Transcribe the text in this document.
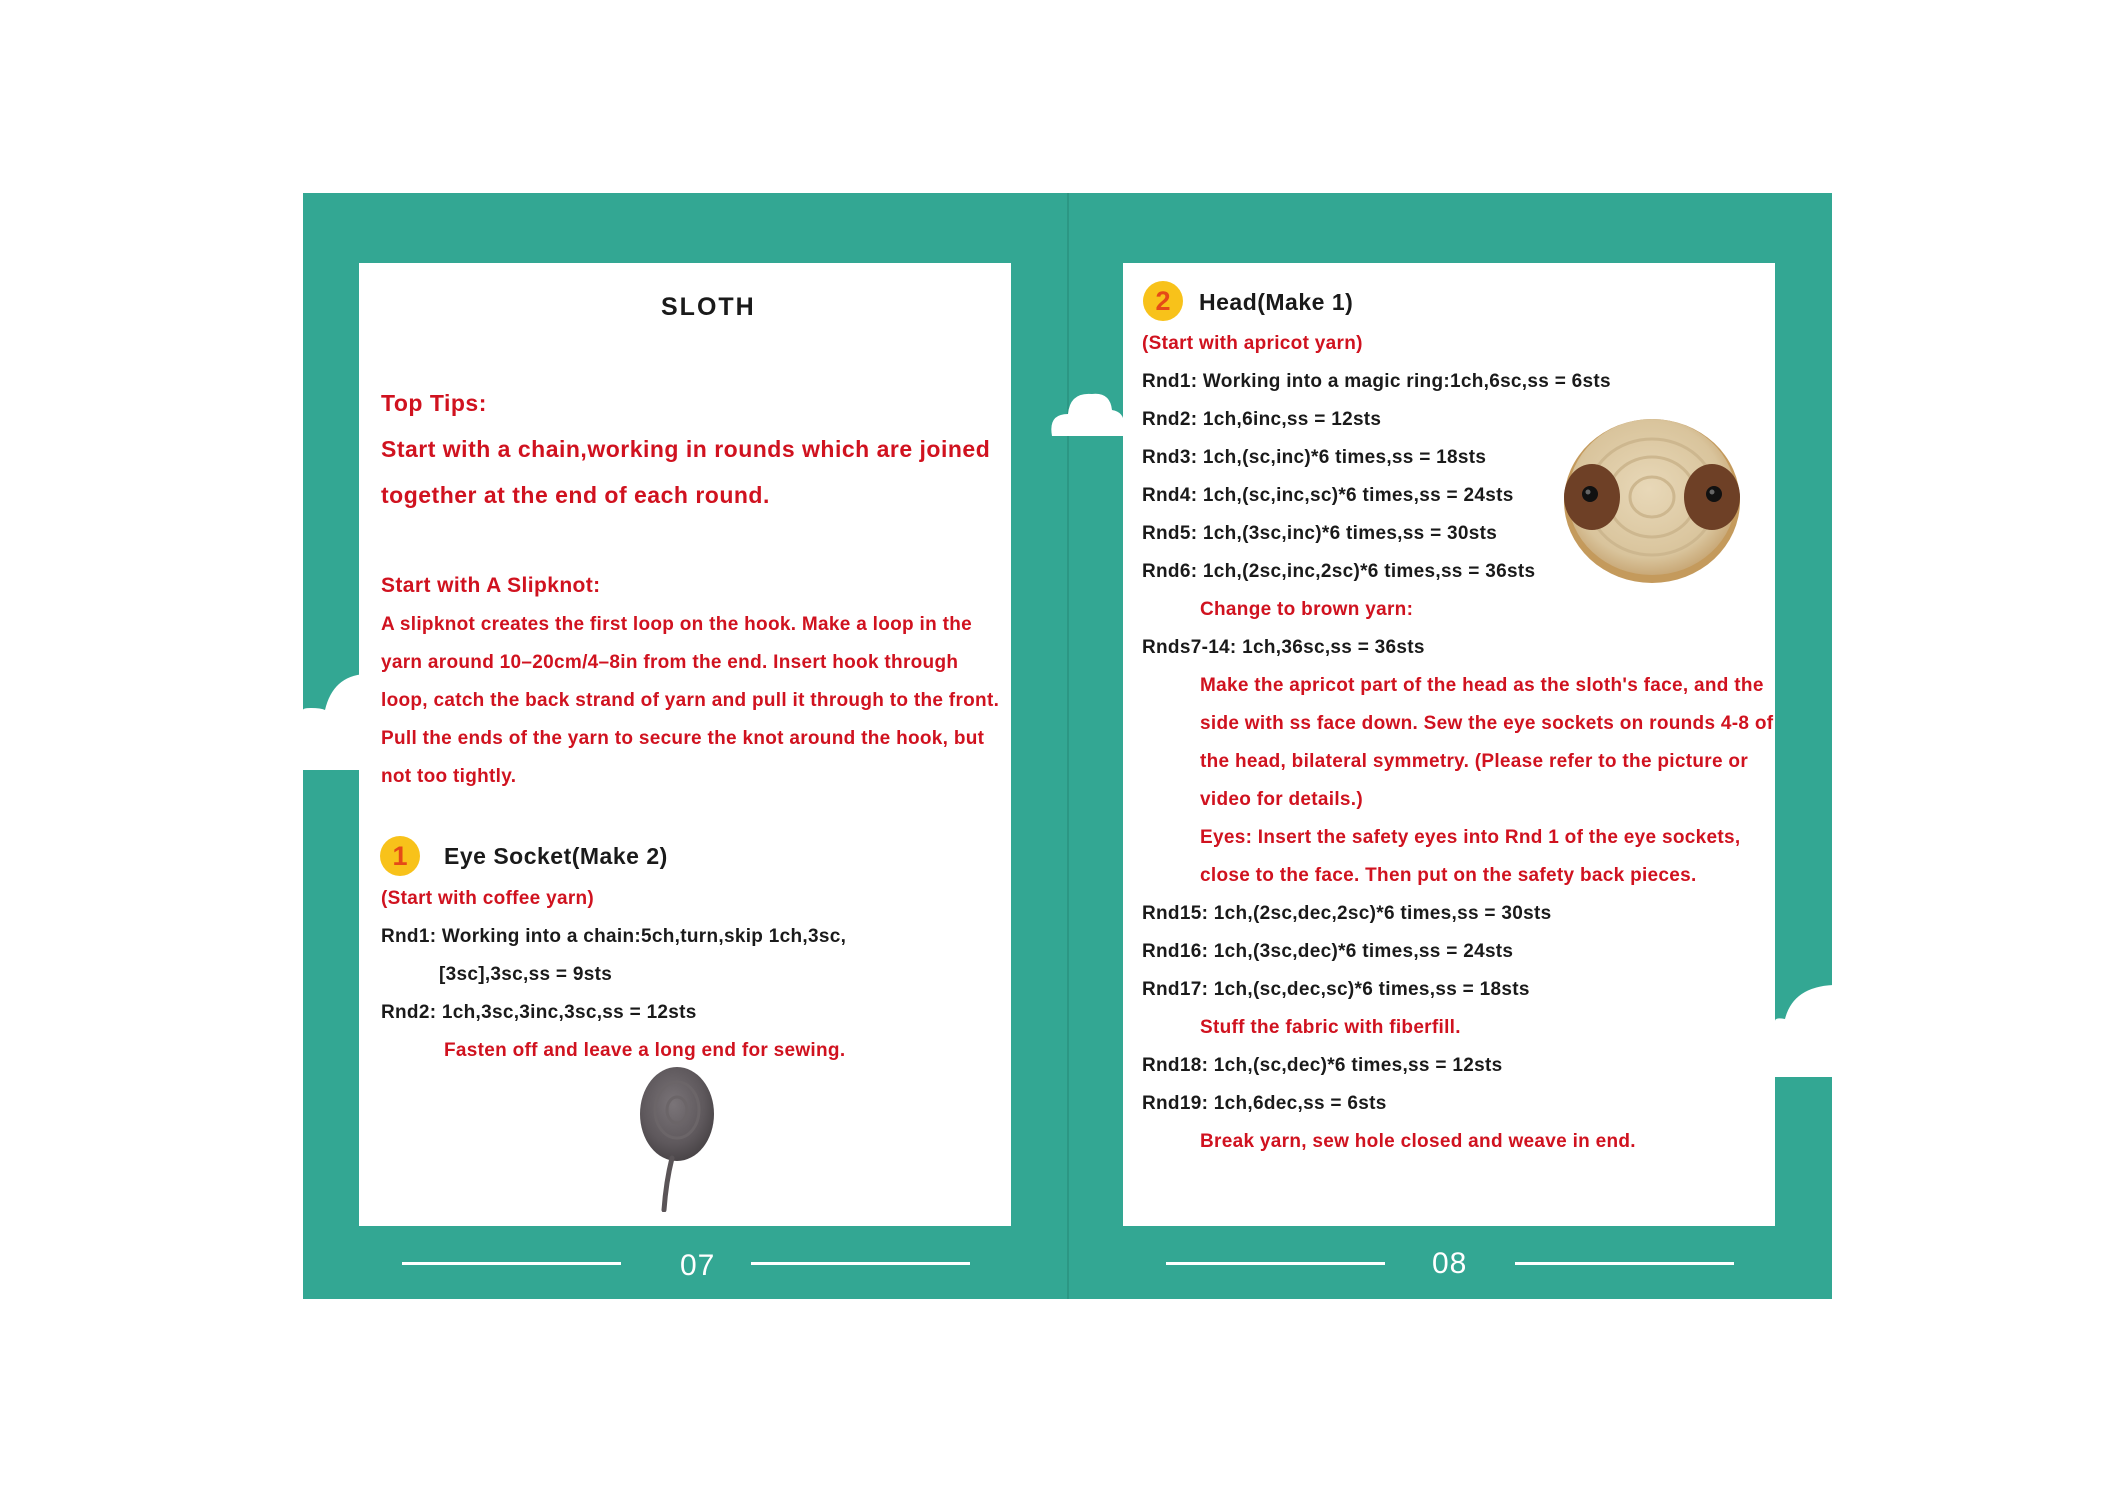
SLOTH
Top Tips:
Start with a chain,working in rounds which are joined
together at the end of each round.
Start with A Slipknot:
A slipknot creates the first loop on the hook. Make a loop in the
yarn around 10–20cm/4–8in from the end. Insert hook through
loop, catch the back strand of yarn and pull it through to the front.
Pull the ends of the yarn to secure the knot around the hook, but
not too tightly.
1	Eye Socket(Make 2)
(Start with coffee yarn)
Rnd1: Working into a chain:5ch,turn,skip 1ch,3sc,
[3sc],3sc,ss = 9sts
Rnd2: 1ch,3sc,3inc,3sc,ss = 12sts
Fasten off and leave a long end for sewing.
07
2	Head(Make 1)
(Start with apricot yarn)
Rnd1: Working into a magic ring:1ch,6sc,ss = 6sts
Rnd2: 1ch,6inc,ss = 12sts
Rnd3: 1ch,(sc,inc)*6 times,ss = 18sts
Rnd4: 1ch,(sc,inc,sc)*6 times,ss = 24sts
Rnd5: 1ch,(3sc,inc)*6 times,ss = 30sts
Rnd6: 1ch,(2sc,inc,2sc)*6 times,ss = 36sts
Change to brown yarn:
Rnds7-14: 1ch,36sc,ss = 36sts
Make the apricot part of the head as the sloth's face, and the
side with ss face down. Sew the eye sockets on rounds 4-8 of
the head, bilateral symmetry. (Please refer to the picture or
video for details.)
Eyes: Insert the safety eyes into Rnd 1 of the eye sockets,
close to the face. Then put on the safety back pieces.
Rnd15: 1ch,(2sc,dec,2sc)*6 times,ss = 30sts
Rnd16: 1ch,(3sc,dec)*6 times,ss = 24sts
Rnd17: 1ch,(sc,dec,sc)*6 times,ss = 18sts
Stuff the fabric with fiberfill.
Rnd18: 1ch,(sc,dec)*6 times,ss = 12sts
Rnd19: 1ch,6dec,ss = 6sts
Break yarn, sew hole closed and weave in end.
08
